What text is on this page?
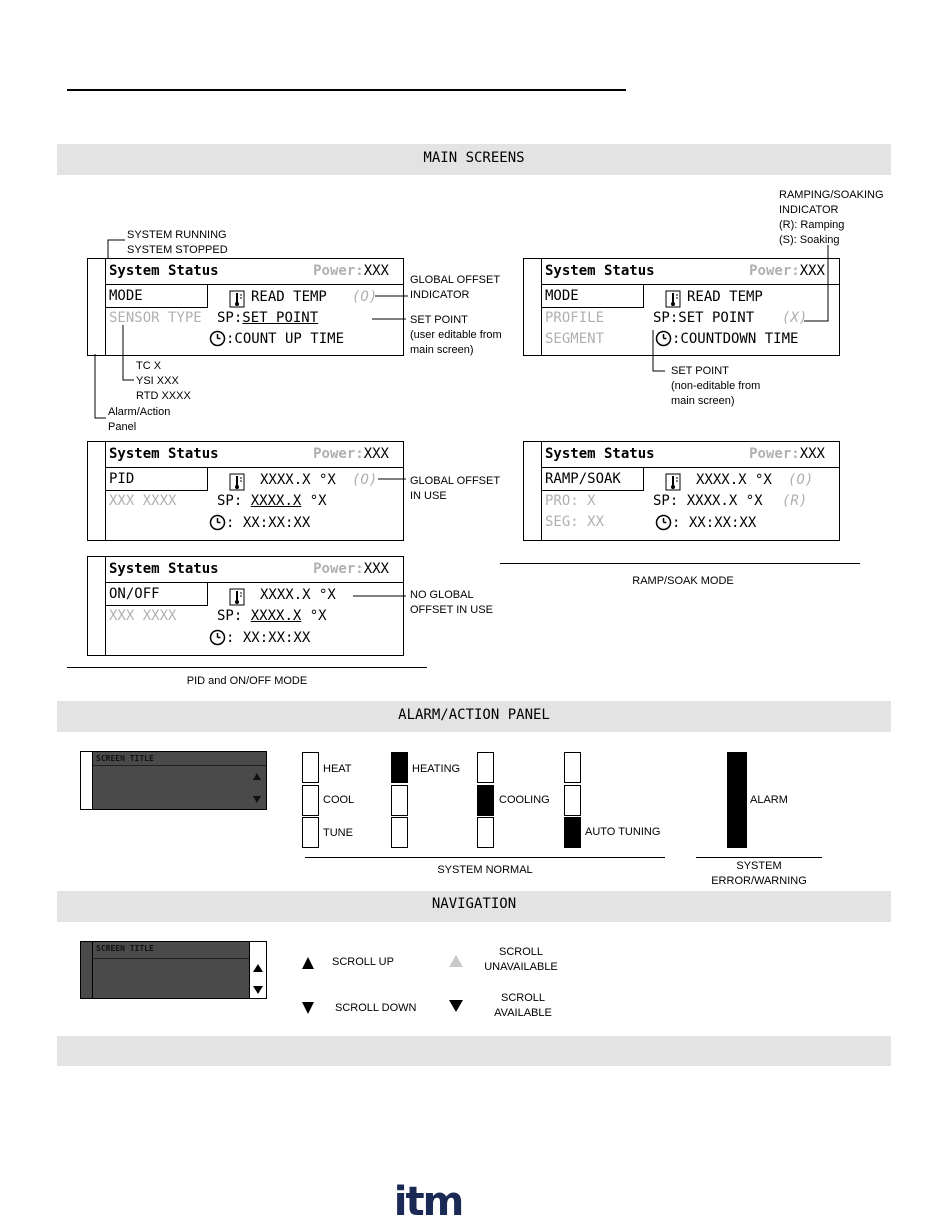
MAIN SCREENS
ALARM/ACTION PANEL
NAVIGATION
System Status	Power:XXX
MODE
SENSOR TYPE
READ TEMP (O)
SP:SET POINT
:COUNT UP TIME
System Status	Power:XXX
MODE
PROFILE
SEGMENT
READ TEMP
SP:SET POINT (X)
:COUNTDOWN TIME
System Status	Power:XXX
PID
XXX XXXX
XXXX.X °X (O)
SP: XXXX.X °X
: XX:XX:XX
System Status	Power:XXX
RAMP/SOAK
PRO: X
SEG: XX
XXXX.X °X (O)
SP: XXXX.X °X (R)
: XX:XX:XX
System Status	Power:XXX
ON/OFF
XXX XXXX
XXXX.X °X
SP: XXXX.X °X
: XX:XX:XX
SYSTEM RUNNING
SYSTEM STOPPED
RAMPING/SOAKING
INDICATOR
(R): Ramping
(S): Soaking
GLOBAL OFFSET
INDICATOR
SET POINT
(user editable from
main screen)
TC X
YSI XXX
RTD XXXX
Alarm/Action
Panel
SET POINT
(non-editable from
main screen)
GLOBAL OFFSET
IN USE
NO GLOBAL
OFFSET IN USE
RAMP/SOAK MODE
PID and ON/OFF MODE
SCREEN TITLE
HEAT
COOL
TUNE
HEATING
COOLING
AUTO TUNING
ALARM
SYSTEM NORMAL	SYSTEM
ERROR/WARNING
SCREEN TITLE
SCROLL UP
SCROLL DOWN
SCROLL
UNAVAILABLE
SCROLL
AVAILABLE
itm
